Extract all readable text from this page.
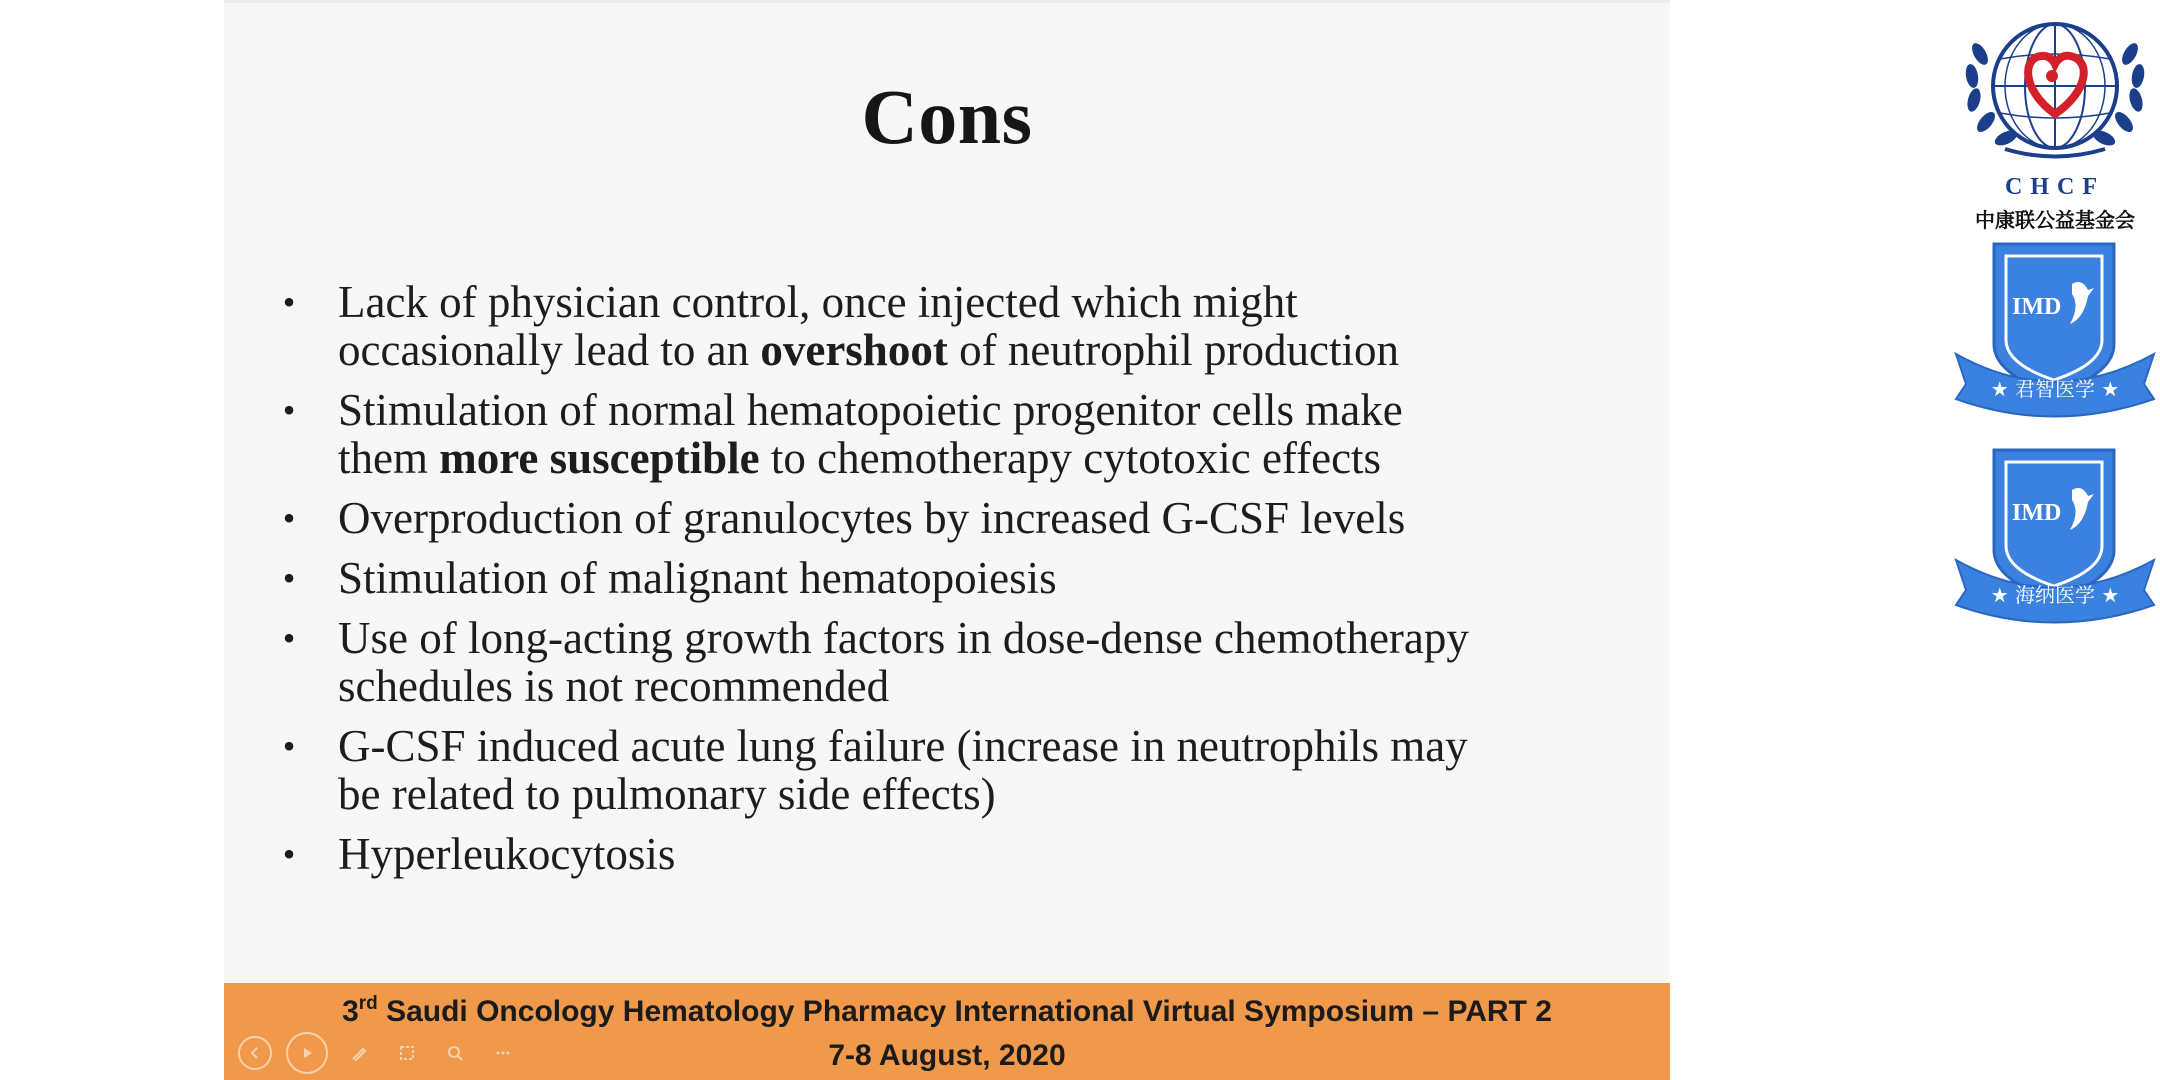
Cons
• Lack of physician control, once injected which might
occasionally lead to an overshoot of neutrophil production
• Stimulation of normal hematopoietic progenitor cells make
them more susceptible to chemotherapy cytotoxic effects
• Overproduction of granulocytes by increased G-CSF levels
• Stimulation of malignant hematopoiesis
• Use of long-acting growth factors in dose-dense chemotherapy
schedules is not recommended
• G-CSF induced acute lung failure (increase in neutrophils may
be related to pulmonary side effects)
• Hyperleukocytosis
3rd Saudi Oncology Hematology Pharmacy International Virtual Symposium – PART 2
7-8 August, 2020
CHCF
中康联公益基金会
IMD
★ 君智医学 ★
IMD
★ 海纳医学 ★
